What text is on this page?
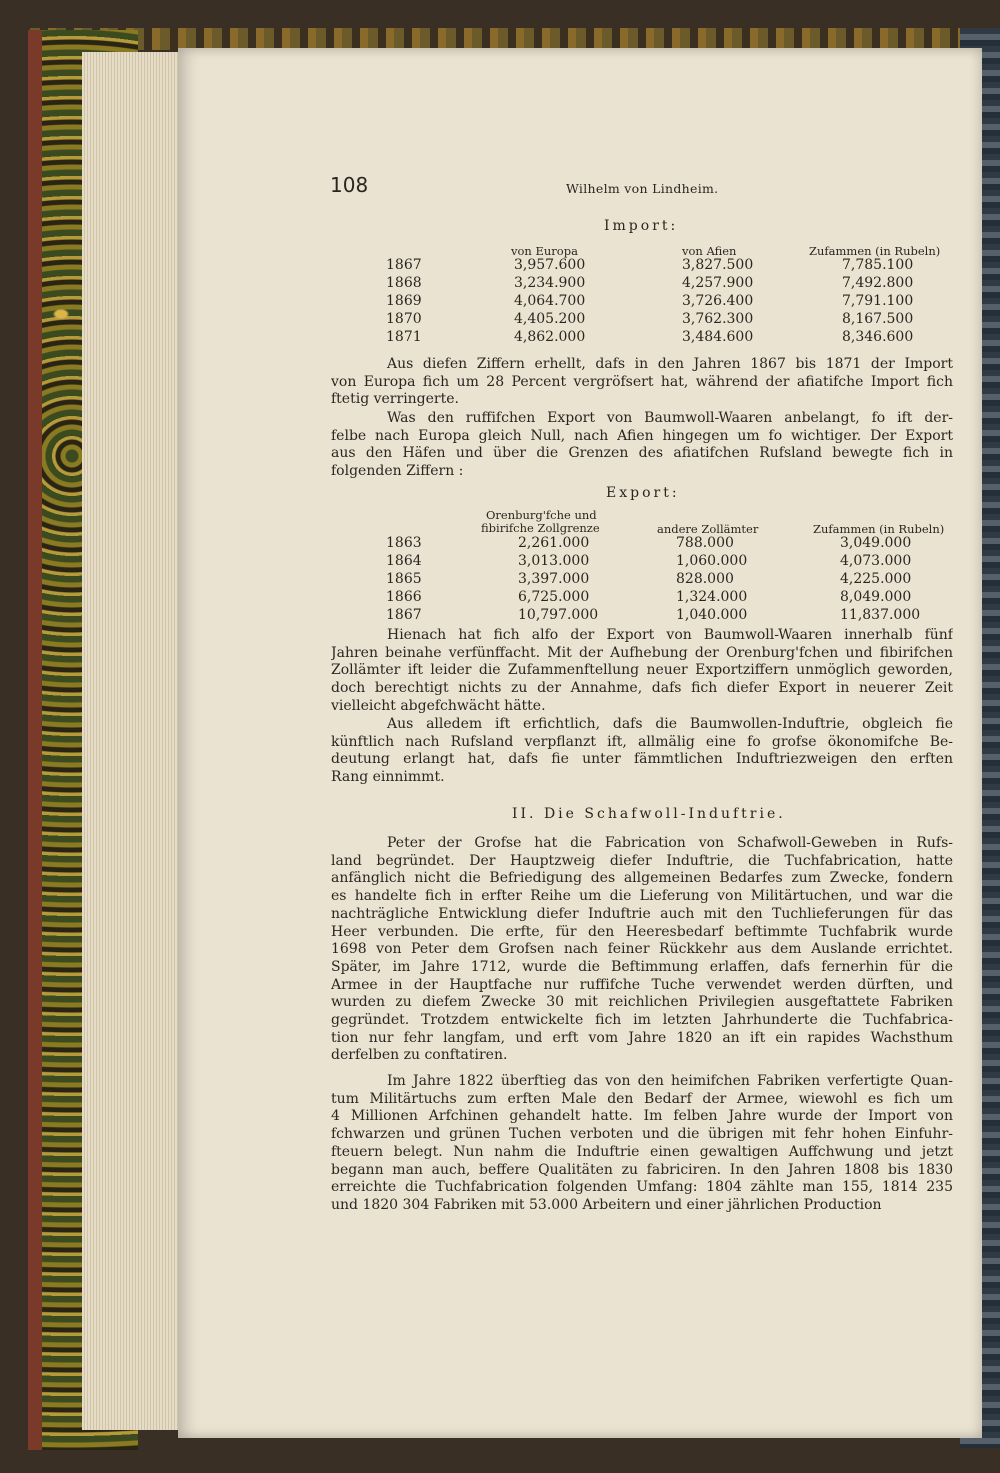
108	Wilhelm von Lindheim.
Import:
von Europa	von Afien	Zufammen (in Rubeln)
1867	3,957.600	3,827.500	7,785.100
1868	3,234.900	4,257.900	7,492.800
1869	4,064.700	3,726.400	7,791.100
1870	4,405.200	3,762.300	8,167.500
1871	4,862.000	3,484.600	8,346.600
Aus diefen Ziffern erhellt, dafs in den Jahren 1867 bis 1871 der Import
von Europa fich um 28 Percent vergröfsert hat, während der afiatifche Import fich
ftetig verringerte.
Was den ruffifchen Export von Baumwoll-Waaren anbelangt, fo ift der-
felbe nach Europa gleich Null, nach Afien hingegen um fo wichtiger. Der Export
aus den Häfen und über die Grenzen des afiatifchen Rufsland bewegte fich in
folgenden Ziffern :
Export:
Orenburg'fche und
fibirifche Zollgrenze	andere Zollämter	Zufammen (in Rubeln)
1863	2,261.000	788.000	3,049.000
1864	3,013.000	1,060.000	4,073.000
1865	3,397.000	828.000	4,225.000
1866	6,725.000	1,324.000	8,049.000
1867	10,797.000	1,040.000	11,837.000
Hienach hat fich alfo der Export von Baumwoll-Waaren innerhalb fünf
Jahren beinahe verfünffacht. Mit der Aufhebung der Orenburg'fchen und fibirifchen
Zollämter ift leider die Zufammenftellung neuer Exportziffern unmöglich geworden,
doch berechtigt nichts zu der Annahme, dafs fich diefer Export in neuerer Zeit
vielleicht abgefchwächt hätte.
Aus alledem ift erfichtlich, dafs die Baumwollen-Induftrie, obgleich fie
künftlich nach Rufsland verpflanzt ift, allmälig eine fo grofse ökonomifche Be-
deutung erlangt hat, dafs fie unter fämmtlichen Induftriezweigen den erften
Rang einnimmt.
II. Die Schafwoll-Induftrie.
Peter der Grofse hat die Fabrication von Schafwoll-Geweben in Rufs-
land begründet. Der Hauptzweig diefer Induftrie, die Tuchfabrication, hatte
anfänglich nicht die Befriedigung des allgemeinen Bedarfes zum Zwecke, fondern
es handelte fich in erfter Reihe um die Lieferung von Militärtuchen, und war die
nachträgliche Entwicklung diefer Induftrie auch mit den Tuchlieferungen für das
Heer verbunden. Die erfte, für den Heeresbedarf beftimmte Tuchfabrik wurde
1698 von Peter dem Grofsen nach feiner Rückkehr aus dem Auslande errichtet.
Später, im Jahre 1712, wurde die Beftimmung erlaffen, dafs fernerhin für die
Armee in der Hauptfache nur ruffifche Tuche verwendet werden dürften, und
wurden zu diefem Zwecke 30 mit reichlichen Privilegien ausgeftattete Fabriken
gegründet. Trotzdem entwickelte fich im letzten Jahrhunderte die Tuchfabrica-
tion nur fehr langfam, und erft vom Jahre 1820 an ift ein rapides Wachsthum
derfelben zu conftatiren.
Im Jahre 1822 überftieg das von den heimifchen Fabriken verfertigte Quan-
tum Militärtuchs zum erften Male den Bedarf der Armee, wiewohl es fich um
4 Millionen Arfchinen gehandelt hatte. Im felben Jahre wurde der Import von
fchwarzen und grünen Tuchen verboten und die übrigen mit fehr hohen Einfuhr-
fteuern belegt. Nun nahm die Induftrie einen gewaltigen Auffchwung und jetzt
begann man auch, beffere Qualitäten zu fabriciren. In den Jahren 1808 bis 1830
erreichte die Tuchfabrication folgenden Umfang: 1804 zählte man 155, 1814 235
und 1820 304 Fabriken mit 53.000 Arbeitern und einer jährlichen Production
